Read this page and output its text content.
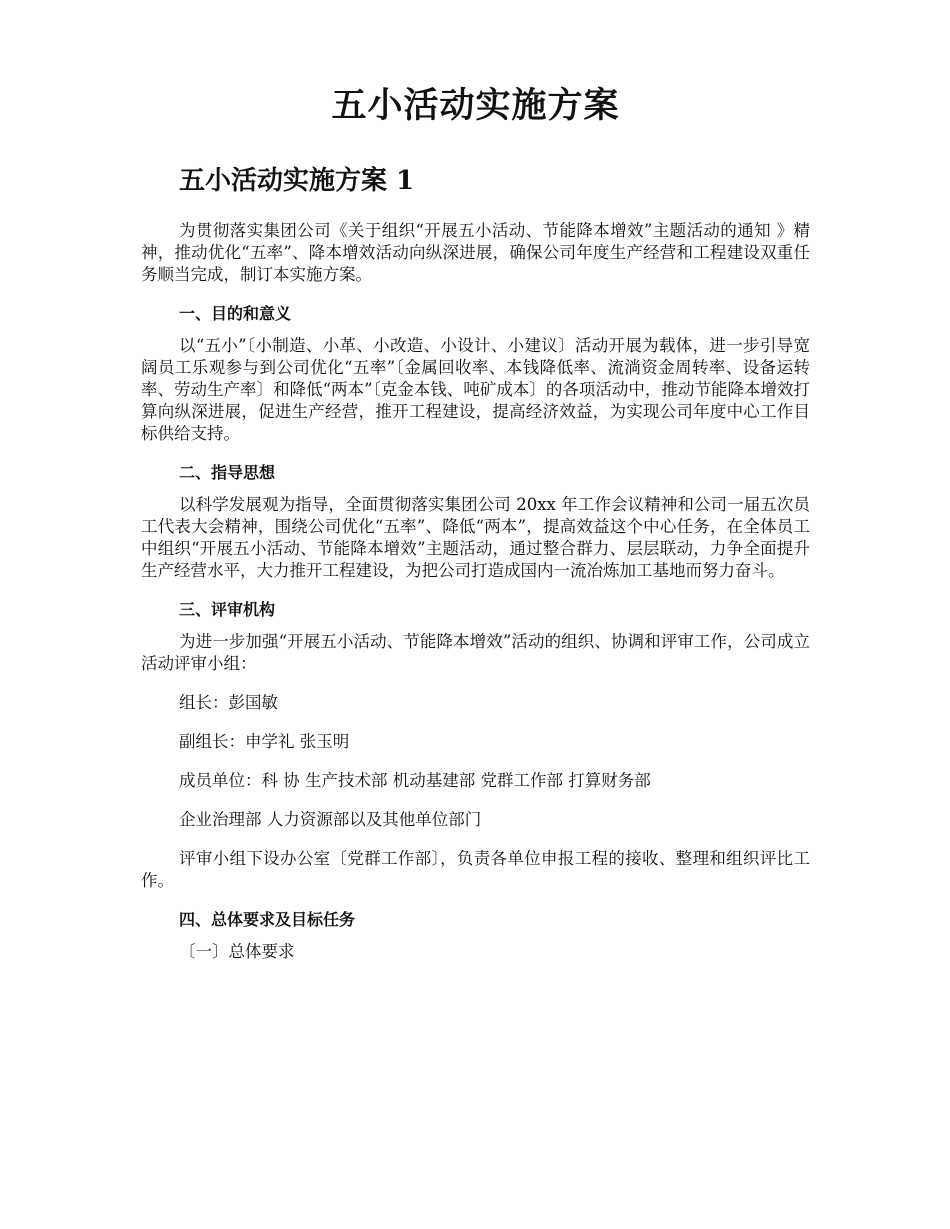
五小活动实施方案
五小活动实施方案 1

为贯彻落实集团公司《关于组织“开展五小活动、节能降本增效”主题活动的通知 》精神，推动优化“五率”、降本增效活动向纵深进展，确保公司年度生产经营和工程建设双重任务顺当完成，制订本实施方案。

一、目的和意义

以“五小”〔小制造、小革、小改造、小设计、小建议〕活动开展为载体，进一步引导宽阔员工乐观参与到公司优化“五率”〔金属回收率、本钱降低率、流淌资金周转率、设备运转率、劳动生产率〕和降低“两本”〔克金本钱、吨矿成本〕的各项活动中，推动节能降本增效打算向纵深进展，促进生产经营，推开工程建设，提高经济效益，为实现公司年度中心工作目标供给支持。

二、指导思想

以科学发展观为指导，全面贯彻落实集团公司 20xx 年工作会议精神和公司一届五次员工代表大会精神，围绕公司优化“五率”、降低“两本”，提高效益这个中心任务，在全体员工中组织“开展五小活动、节能降本增效”主题活动，通过整合群力、层层联动，力争全面提升生产经营水平，大力推开工程建设，为把公司打造成国内一流冶炼加工基地而努力奋斗。

三、评审机构

为进一步加强“开展五小活动、节能降本增效”活动的组织、协调和评审工作，公司成立活动评审小组：

组长：彭国敏
副组长：申学礼 张玉明
成员单位：科 协 生产技术部 机动基建部 党群工作部 打算财务部
企业治理部 人力资源部以及其他单位部门

评审小组下设办公室〔党群工作部〕，负责各单位申报工程的接收、整理和组织评比工作。

四、总体要求及目标任务
〔一〕总体要求
